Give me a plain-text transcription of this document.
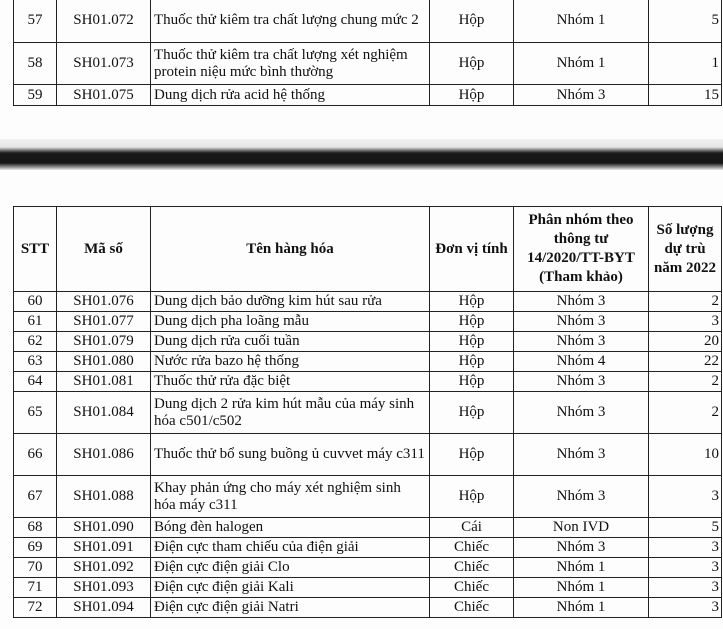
57	SH01.072	Thuốc thử kiêm tra chất lượng chung mức 2	Hộp	Nhóm 1	5
58	SH01.073	Thuốc thử kiêm tra chất lượng xét nghiệm protein niệu mức bình thường	Hộp	Nhóm 1	1
59	SH01.075	Dung dịch rửa acid hệ thống	Hộp	Nhóm 3	15
STT	Mã số	Tên hàng hóa	Đơn vị tính	Phân nhóm theo thông tư 14/2020/TT-BYT (Tham khảo)	Số lượng dự trù năm 2022
60	SH01.076	Dung dịch bảo dưỡng kim hút sau rửa	Hộp	Nhóm 3	2
61	SH01.077	Dung dịch pha loãng mẫu	Hộp	Nhóm 3	3
62	SH01.079	Dung dịch rửa cuối tuần	Hộp	Nhóm 3	20
63	SH01.080	Nước rửa bazo hệ thống	Hộp	Nhóm 4	22
64	SH01.081	Thuốc thử rửa đặc biệt	Hộp	Nhóm 3	2
65	SH01.084	Dung dịch 2 rửa kim hút mẫu của máy sinh hóa c501/c502	Hộp	Nhóm 3	2
66	SH01.086	Thuốc thử bổ sung buồng ủ cuvvet máy c311	Hộp	Nhóm 3	10
67	SH01.088	Khay phản ứng cho máy xét nghiệm sinh hóa máy c311	Hộp	Nhóm 3	3
68	SH01.090	Bóng đèn halogen	Cái	Non IVD	5
69	SH01.091	Điện cực tham chiếu của điện giải	Chiếc	Nhóm 3	3
70	SH01.092	Điện cực điện giải Clo	Chiếc	Nhóm 1	3
71	SH01.093	Điện cực điện giải Kali	Chiếc	Nhóm 1	3
72	SH01.094	Điện cực điện giải Natri	Chiếc	Nhóm 1	3
